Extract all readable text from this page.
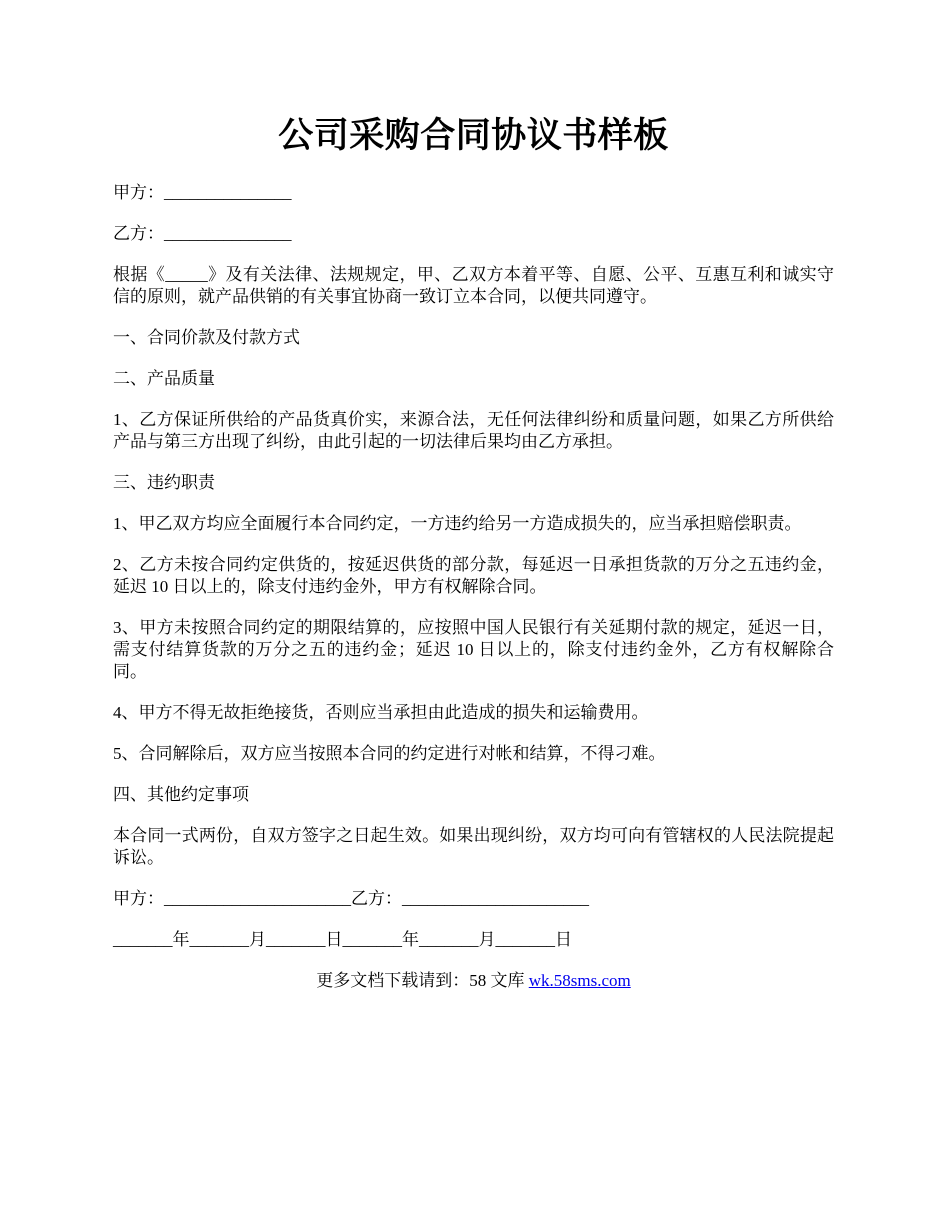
公司采购合同协议书样板

甲方：_______________

乙方：_______________

根据《_____》及有关法律、法规规定，甲、乙双方本着平等、自愿、公平、互惠互利和诚实守信的原则，就产品供销的有关事宜协商一致订立本合同，以便共同遵守。

一、合同价款及付款方式

二、产品质量

1、乙方保证所供给的产品货真价实，来源合法，无任何法律纠纷和质量问题，如果乙方所供给产品与第三方出现了纠纷，由此引起的一切法律后果均由乙方承担。

三、违约职责

1、甲乙双方均应全面履行本合同约定，一方违约给另一方造成损失的，应当承担赔偿职责。

2、乙方未按合同约定供货的，按延迟供货的部分款，每延迟一日承担货款的万分之五违约金，延迟 10 日以上的，除支付违约金外，甲方有权解除合同。

3、甲方未按照合同约定的期限结算的，应按照中国人民银行有关延期付款的规定，延迟一日，需支付结算货款的万分之五的违约金；延迟 10 日以上的，除支付违约金外，乙方有权解除合同。

4、甲方不得无故拒绝接货，否则应当承担由此造成的损失和运输费用。

5、合同解除后，双方应当按照本合同的约定进行对帐和结算，不得刁难。

四、其他约定事项

本合同一式两份，自双方签字之日起生效。如果出现纠纷，双方均可向有管辖权的人民法院提起诉讼。

甲方：______________________乙方：______________________

_______年_______月_______日_______年_______月_______日

更多文档下载请到：58 文库 wk.58sms.com
